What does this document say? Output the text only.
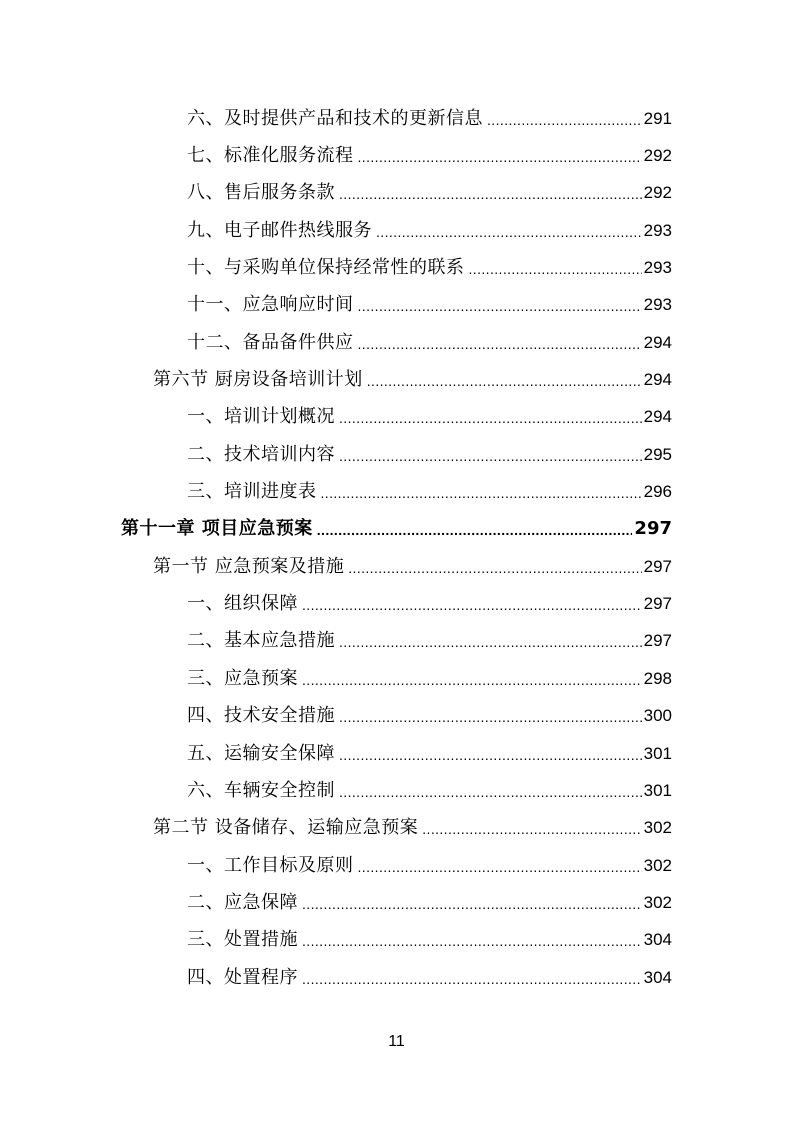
六、及时提供产品和技术的更新信息 .....	291
七、标准化服务流程 .....	292
八、售后服务条款 .....	292
九、电子邮件热线服务 .....	293
十、与采购单位保持经常性的联系 .....	293
十一、应急响应时间 .....	293
十二、备品备件供应 .....	294
第六节 厨房设备培训计划 .....	294
一、培训计划概况 .....	294
二、技术培训内容 .....	295
三、培训进度表 .....	296
第十一章 项目应急预案 .....	297
第一节 应急预案及措施 .....	297
一、组织保障 .....	297
二、基本应急措施 .....	297
三、应急预案 .....	298
四、技术安全措施 .....	300
五、运输安全保障 .....	301
六、车辆安全控制 .....	301
第二节 设备储存、运输应急预案 .....	302
一、工作目标及原则 .....	302
二、应急保障 .....	302
三、处置措施 .....	304
四、处置程序 .....	304
11
